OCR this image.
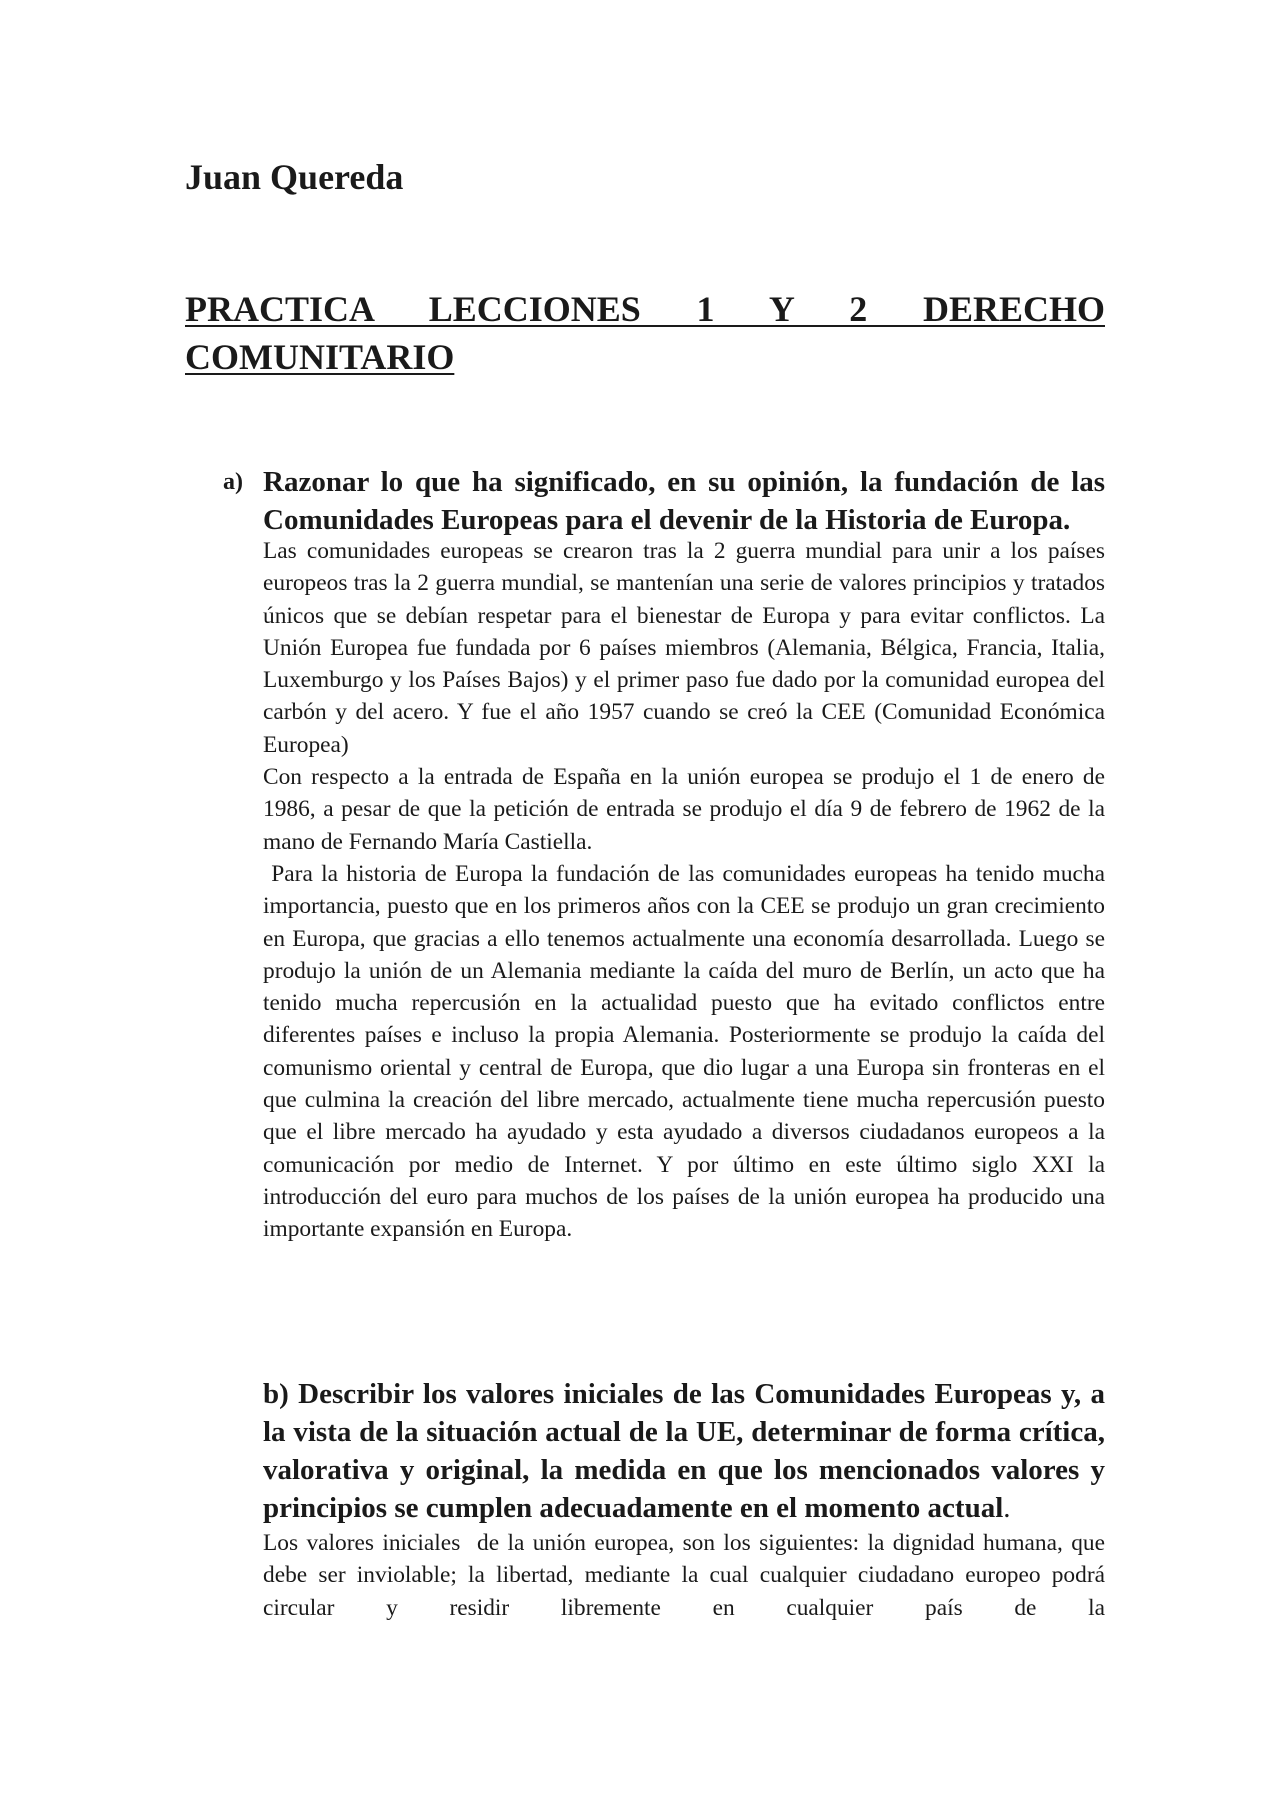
Juan Quereda
PRACTICA LECCIONES 1 Y 2 DERECHO
COMUNITARIO
a) Razonar lo que ha significado, en su opinión, la fundación de las Comunidades Europeas para el devenir de la Historia de Europa.

Las comunidades europeas se crearon tras la 2 guerra mundial para unir a los países europeos tras la 2 guerra mundial, se mantenían una serie de valores principios y tratados únicos que se debían respetar para el bienestar de Europa y para evitar conflictos. La Unión Europea fue fundada por 6 países miembros (Alemania, Bélgica, Francia, Italia, Luxemburgo y los Países Bajos) y el primer paso fue dado por la comunidad europea del carbón y del acero. Y fue el año 1957 cuando se creó la CEE (Comunidad Económica Europea)

Con respecto a la entrada de España en la unión europea se produjo el 1 de enero de 1986, a pesar de que la petición de entrada se produjo el día 9 de febrero de 1962 de la mano de Fernando María Castiella.

Para la historia de Europa la fundación de las comunidades europeas ha tenido mucha importancia, puesto que en los primeros años con la CEE se produjo un gran crecimiento en Europa, que gracias a ello tenemos actualmente una economía desarrollada. Luego se produjo la unión de un Alemania mediante la caída del muro de Berlín, un acto que ha tenido mucha repercusión en la actualidad puesto que ha evitado conflictos entre diferentes países e incluso la propia Alemania. Posteriormente se produjo la caída del comunismo oriental y central de Europa, que dio lugar a una Europa sin fronteras en el que culmina la creación del libre mercado, actualmente tiene mucha repercusión puesto que el libre mercado ha ayudado y esta ayudado a diversos ciudadanos europeos a la comunicación por medio de Internet. Y por último en este último siglo XXI la introducción del euro para muchos de los países de la unión europea ha producido una importante expansión en Europa.

b) Describir los valores iniciales de las Comunidades Europeas y, a la vista de la situación actual de la UE, determinar de forma crítica, valorativa y original, la medida en que los mencionados valores y principios se cumplen adecuadamente en el momento actual.

Los valores iniciales  de la unión europea, son los siguientes: la dignidad humana, que debe ser inviolable; la libertad, mediante la cual cualquier ciudadano europeo podrá circular y residir libremente en cualquier país de la
